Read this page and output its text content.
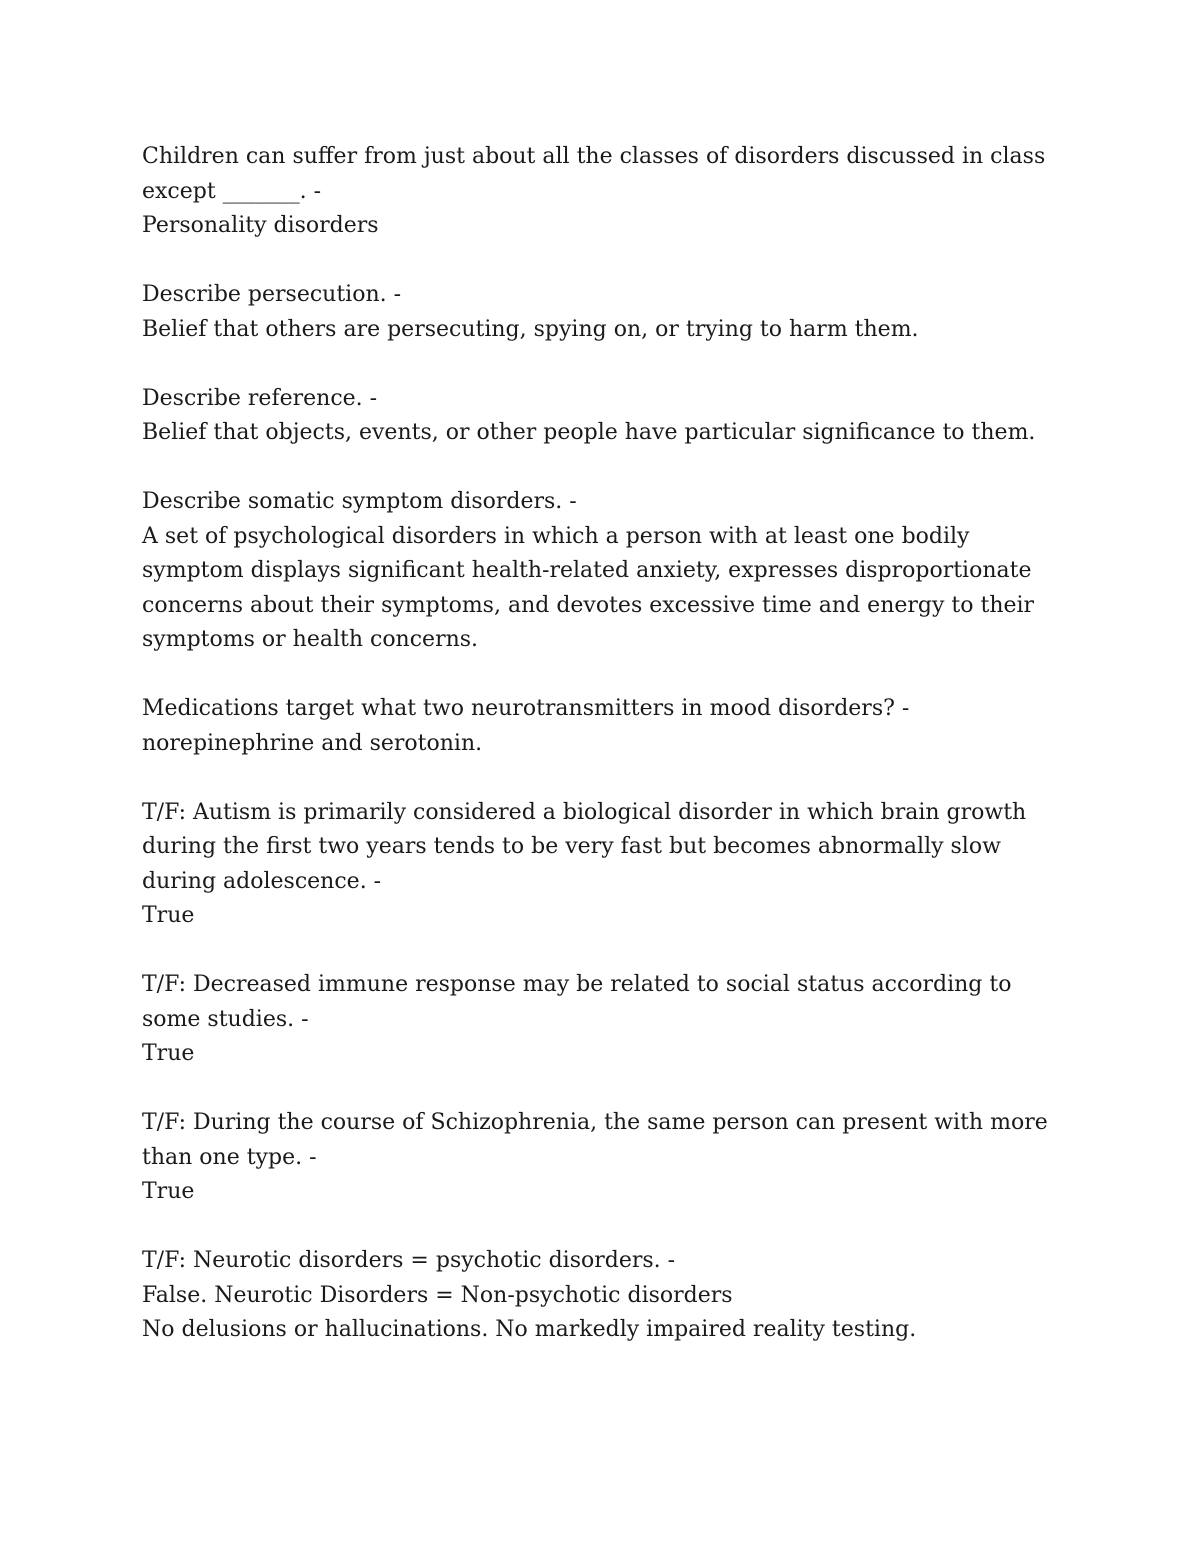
Children can suffer from just about all the classes of disorders discussed in class except _______. -

Personality disorders

Describe persecution. -

Belief that others are persecuting, spying on, or trying to harm them.

Describe reference. -

Belief that objects, events, or other people have particular significance to them.

Describe somatic symptom disorders. -

A set of psychological disorders in which a person with at least one bodily symptom displays significant health-related anxiety, expresses disproportionate concerns about their symptoms, and devotes excessive time and energy to their symptoms or health concerns.

Medications target what two neurotransmitters in mood disorders? -

norepinephrine and serotonin.

T/F: Autism is primarily considered a biological disorder in which brain growth during the first two years tends to be very fast but becomes abnormally slow during adolescence. -

True

T/F: Decreased immune response may be related to social status according to some studies. -

True

T/F: During the course of Schizophrenia, the same person can present with more than one type. -

True

T/F: Neurotic disorders = psychotic disorders. -

False. Neurotic Disorders = Non-psychotic disorders

No delusions or hallucinations. No markedly impaired reality testing.
